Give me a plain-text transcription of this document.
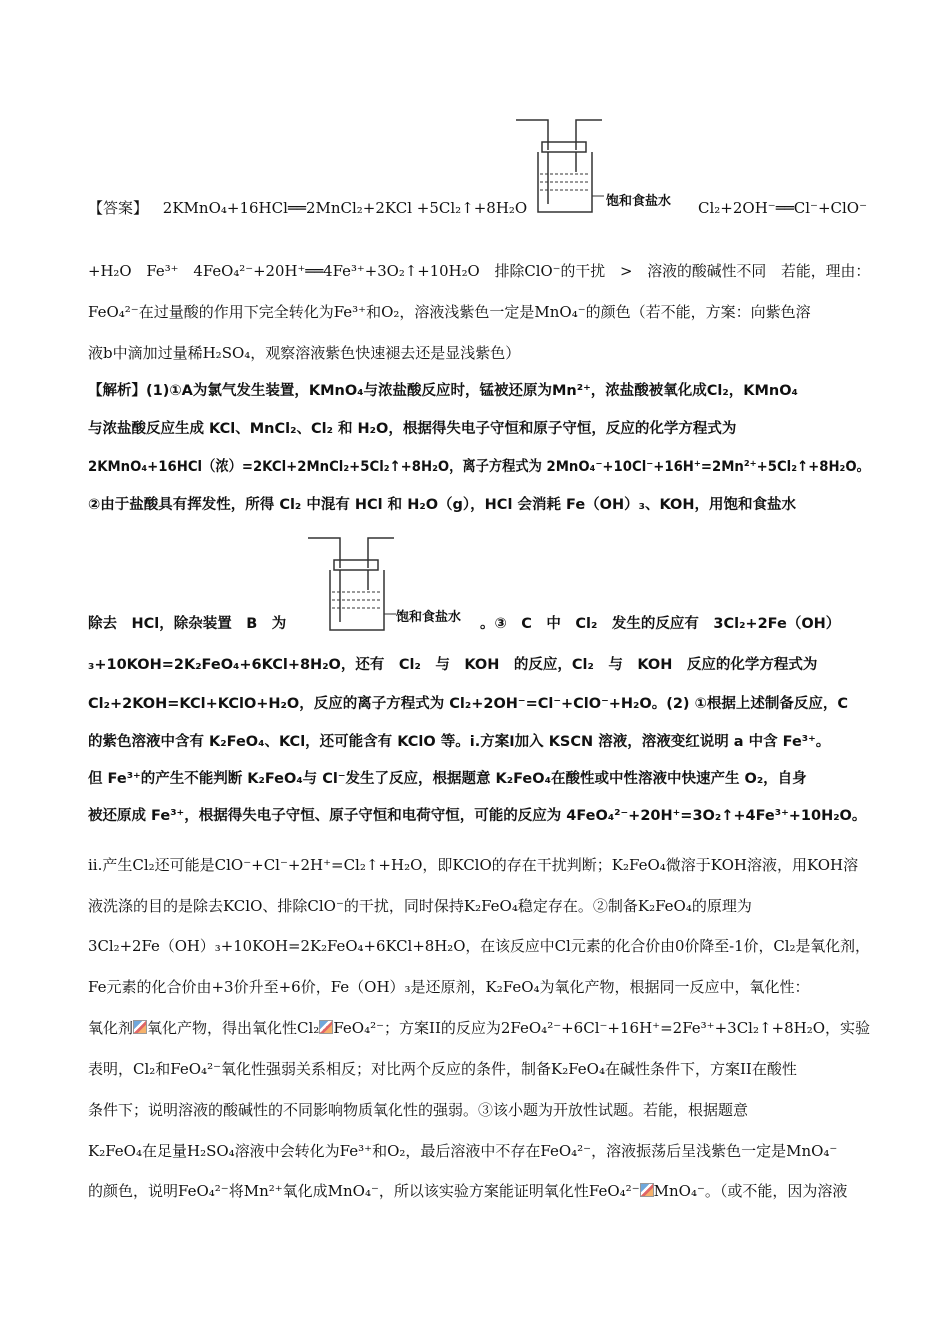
饱和食盐水
【答案】 2KMnO₄+16HCl══2MnCl₂+2KCl +5Cl₂↑+8H₂O	Cl₂+2OH⁻══Cl⁻+ClO⁻
+H₂O　Fe³⁺　4FeO₄²⁻+20H⁺══4Fe³⁺+3O₂↑+10H₂O　排除ClO⁻的干扰　>　溶液的酸碱性不同　若能，理由：
FeO₄²⁻在过量酸的作用下完全转化为Fe³⁺和O₂，溶液浅紫色一定是MnO₄⁻的颜色（若不能，方案：向紫色溶
液b中滴加过量稀H₂SO₄，观察溶液紫色快速褪去还是显浅紫色）
【解析】(1)①A为氯气发生装置，KMnO₄与浓盐酸反应时，锰被还原为Mn²⁺，浓盐酸被氧化成Cl₂，KMnO₄
与浓盐酸反应生成 KCl、MnCl₂、Cl₂ 和 H₂O，根据得失电子守恒和原子守恒，反应的化学方程式为
2KMnO₄+16HCl（浓）=2KCl+2MnCl₂+5Cl₂↑+8H₂O，离子方程式为 2MnO₄⁻+10Cl⁻+16H⁺=2Mn²⁺+5Cl₂↑+8H₂O。
②由于盐酸具有挥发性，所得 Cl₂ 中混有 HCl 和 H₂O（g），HCl 会消耗 Fe（OH）₃、KOH，用饱和食盐水
饱和食盐水
除去　HCl，除杂装置　B　为	。③　C　中　Cl₂　发生的反应有　3Cl₂+2Fe（OH）
₃+10KOH=2K₂FeO₄+6KCl+8H₂O，还有　Cl₂　与　KOH　的反应，Cl₂　与　KOH　反应的化学方程式为
Cl₂+2KOH=KCl+KClO+H₂O，反应的离子方程式为 Cl₂+2OH⁻=Cl⁻+ClO⁻+H₂O。(2) ①根据上述制备反应，C
的紫色溶液中含有 K₂FeO₄、KCl，还可能含有 KClO 等。i.方案Ⅰ加入 KSCN 溶液，溶液变红说明 a 中含 Fe³⁺。
但 Fe³⁺的产生不能判断 K₂FeO₄与 Cl⁻发生了反应，根据题意 K₂FeO₄在酸性或中性溶液中快速产生 O₂，自身
被还原成 Fe³⁺，根据得失电子守恒、原子守恒和电荷守恒，可能的反应为 4FeO₄²⁻+20H⁺=3O₂↑+4Fe³⁺+10H₂O。
ii.产生Cl₂还可能是ClO⁻+Cl⁻+2H⁺=Cl₂↑+H₂O，即KClO的存在干扰判断；K₂FeO₄微溶于KOH溶液，用KOH溶
液洗涤的目的是除去KClO、排除ClO⁻的干扰，同时保持K₂FeO₄稳定存在。②制备K₂FeO₄的原理为
3Cl₂+2Fe（OH）₃+10KOH=2K₂FeO₄+6KCl+8H₂O，在该反应中Cl元素的化合价由0价降至-1价，Cl₂是氧化剂，
Fe元素的化合价由+3价升至+6价，Fe（OH）₃是还原剂，K₂FeO₄为氧化产物，根据同一反应中，氧化性：
氧化剂 氧化产物，得出氧化性Cl₂ FeO₄²⁻；方案II的反应为2FeO₄²⁻+6Cl⁻+16H⁺=2Fe³⁺+3Cl₂↑+8H₂O，实验
表明，Cl₂和FeO₄²⁻氧化性强弱关系相反；对比两个反应的条件，制备K₂FeO₄在碱性条件下，方案II在酸性
条件下；说明溶液的酸碱性的不同影响物质氧化性的强弱。③该小题为开放性试题。若能，根据题意
K₂FeO₄在足量H₂SO₄溶液中会转化为Fe³⁺和O₂，最后溶液中不存在FeO₄²⁻，溶液振荡后呈浅紫色一定是MnO₄⁻
的颜色，说明FeO₄²⁻将Mn²⁺氧化成MnO₄⁻，所以该实验方案能证明氧化性FeO₄²⁻ MnO₄⁻。（或不能，因为溶液
